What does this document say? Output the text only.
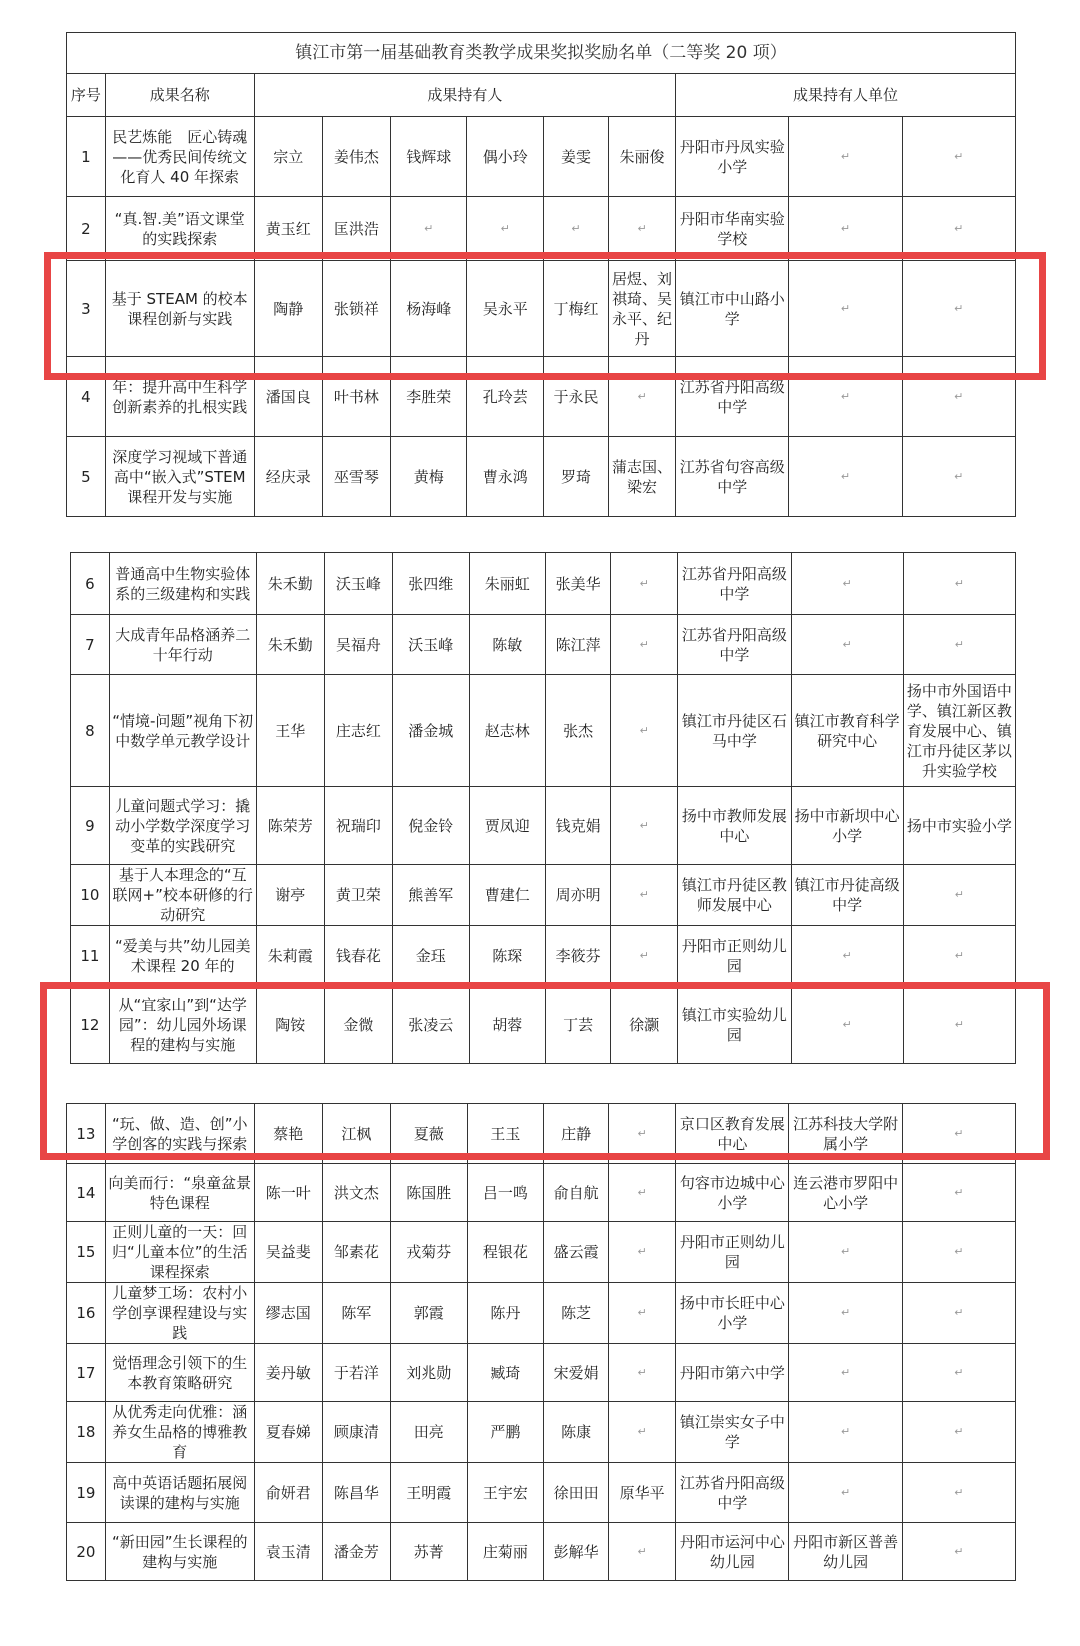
镇江市第一届基础教育类教学成果奖拟奖励名单（二等奖 20 项）										
序号	成果名称	成果持有人						成果持有人单位		
1	民艺炼能　匠心铸魂——优秀民间传统文化育人 40 年探索	宗立	姜伟杰	钱辉球	偶小玲	姜雯	朱丽俊	丹阳市丹凤实验小学	↵	↵
2	“真.智.美”语文课堂的实践探索	黄玉红	匡洪浩	↵	↵	↵	↵	丹阳市华南实验学校	↵	↵
3	基于 STEAM 的校本课程创新与实践	陶静	张锁祥	杨海峰	吴永平	丁梅红	居煜、刘祺琦、吴永平、纪丹	镇江市中山路小学	↵	↵
4	年：提升高中生科学创新素养的扎根实践	潘国良	叶书林	李胜荣	孔玲芸	于永民	↵	江苏省丹阳高级中学	↵	↵
5	深度学习视域下普通高中“嵌入式”STEM 课程开发与实施	经庆录	巫雪琴	黄梅	曹永鸿	罗琦	蒲志国、梁宏	江苏省句容高级中学	↵	↵
6	普通高中生物实验体系的三级建构和实践	朱禾勤	沃玉峰	张四维	朱丽虹	张美华	↵	江苏省丹阳高级中学	↵	↵
7	大成青年品格涵养二十年行动	朱禾勤	吴福舟	沃玉峰	陈敏	陈江萍	↵	江苏省丹阳高级中学	↵	↵
8	“情境-问题”视角下初中数学单元教学设计	王华	庄志红	潘金城	赵志林	张杰	↵	镇江市丹徒区石马中学	镇江市教育科学研究中心	扬中市外国语中学、镇江新区教育发展中心、镇江市丹徒区茅以升实验学校
9	儿童问题式学习：撬动小学数学深度学习变革的实践研究	陈荣芳	祝瑞印	倪金铃	贾凤迎	钱克娟	↵	扬中市教师发展中心	扬中市新坝中心小学	扬中市实验小学
10	基于人本理念的“互联网+”校本研修的行动研究	谢亭	黄卫荣	熊善军	曹建仁	周亦明	↵	镇江市丹徒区教师发展中心	镇江市丹徒高级中学	↵
11	“爱美与共”幼儿园美术课程 20 年的	朱莉霞	钱春花	金珏	陈琛	李筱芬	↵	丹阳市正则幼儿园	↵	↵
12	从“宜家山”到“达学园”：幼儿园外场课程的建构与实施	陶铵	金微	张凌云	胡蓉	丁芸	徐灏	镇江市实验幼儿园	↵	↵
13	“玩、做、造、创”小学创客的实践与探索	蔡艳	江枫	夏薇	王玉	庄静	↵	京口区教育发展中心	江苏科技大学附属小学	↵
14	向美而行：“泉童盆景特色课程	陈一叶	洪文杰	陈国胜	吕一鸣	俞自航	↵	句容市边城中心小学	连云港市罗阳中心小学	↵
15	正则儿童的一天：回归“儿童本位”的生活课程探索	吴益斐	邹素花	戎菊芬	程银花	盛云霞	↵	丹阳市正则幼儿园	↵	↵
16	儿童梦工场：农村小学创享课程建设与实践	缪志国	陈军	郭霞	陈丹	陈芝	↵	扬中市长旺中心小学	↵	↵
17	觉悟理念引领下的生本教育策略研究	姜丹敏	于若洋	刘兆勋	臧琦	宋爱娟	↵	丹阳市第六中学	↵	↵
18	从优秀走向优雅：涵养女生品格的博雅教育	夏春娣	顾康清	田亮	严鹏	陈康	↵	镇江崇实女子中学	↵	↵
19	高中英语话题拓展阅读课的建构与实施	俞妍君	陈昌华	王明霞	王宇宏	徐田田	原华平	江苏省丹阳高级中学	↵	↵
20	“新田园”生长课程的建构与实施	袁玉清	潘金芳	苏菁	庄菊丽	彭解华	↵	丹阳市运河中心幼儿园	丹阳市新区普善幼儿园	↵
